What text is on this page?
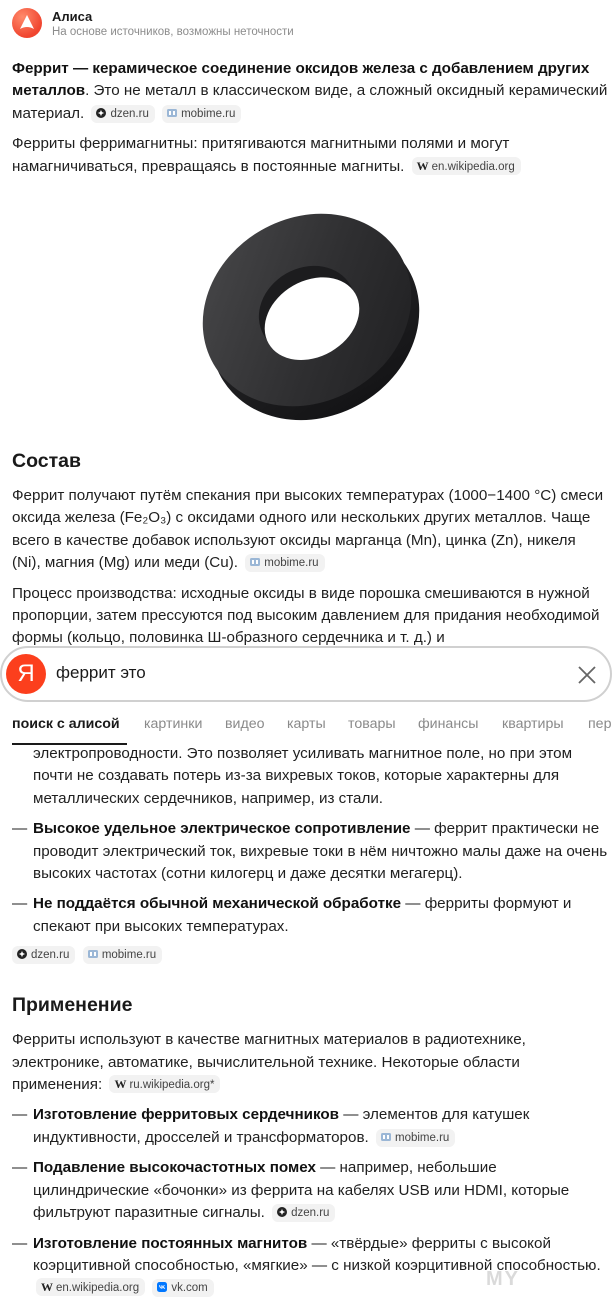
Алиса
На основе источников, возможны неточности

Феррит — керамическое соединение оксидов железа с добавлением других металлов. Это не металл в классическом виде, а сложный оксидный керамический материал. dzen.ru	mobime.ru

Ферриты ферримагнитны: притягиваются магнитными полями и могут намагничиваться, превращаясь в постоянные магниты. W en.wikipedia.org

Состав

Феррит получают путём спекания при высоких температурах (1000−1400 °C) смеси оксида железа (Fe₂O₃) с оксидами одного или нескольких других металлов. Чаще всего в качестве добавок используют оксиды марганца (Mn), цинка (Zn), никеля (Ni), магния (Mg) или меди (Cu). mobime.ru

Процесс производства: исходные оксиды в виде порошка смешиваются в нужной пропорции, затем прессуются под высоким давлением для придания необходимой формы (кольцо, половинка Ш-образного сердечника и т. д.) и

Я
феррит это
поиск с алисой картинки видео карты товары финансы квартиры пер

электропроводности. Это позволяет усиливать магнитное поле, но при этом почти не создавать потерь из-за вихревых токов, которые характерны для металлических сердечников, например, из стали.

— Высокое удельное электрическое сопротивление — феррит практически не проводит электрический ток, вихревые токи в нём ничтожно малы даже на очень высоких частотах (сотни килогерц и даже десятки мегагерц).

— Не поддаётся обычной механической обработке — ферриты формуют и спекают при высоких температурах.

dzen.ru	mobime.ru
Применение

Ферриты используют в качестве магнитных материалов в радиотехнике, электронике, автоматике, вычислительной технике. Некоторые области применения: W ru.wikipedia.org*

— Изготовление ферритовых сердечников — элементов для катушек индуктивности, дросселей и трансформаторов. mobime.ru

— Подавление высокочастотных помех — например, небольшие цилиндрические «бочонки» из феррита на кабелях USB или HDMI, которые фильтруют паразитные сигналы. dzen.ru

— Изготовление постоянных магнитов — «твёрдые» ферриты с высокой коэрцитивной способностью, «мягкие» — с низкой коэрцитивной способностью. W en.wikipedia.org	vk.com	MY
